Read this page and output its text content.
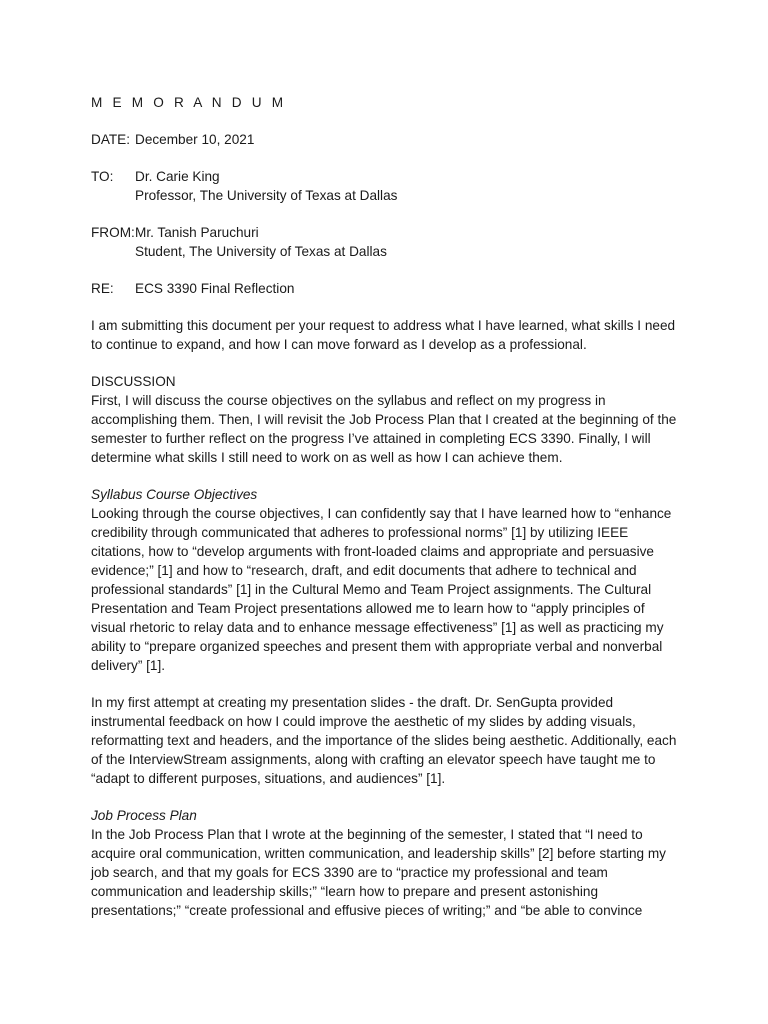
M E M O R A N D U M
DATE: December 10, 2021
TO:	Dr. Carie King
Professor, The University of Texas at Dallas
FROM: Mr. Tanish Paruchuri
Student, The University of Texas at Dallas
RE:	ECS 3390 Final Reflection

I am submitting this document per your request to address what I have learned, what skills I need to continue to expand, and how I can move forward as I develop as a professional.

DISCUSSION

First, I will discuss the course objectives on the syllabus and reflect on my progress in accomplishing them. Then, I will revisit the Job Process Plan that I created at the beginning of the semester to further reflect on the progress I’ve attained in completing ECS 3390. Finally, I will determine what skills I still need to work on as well as how I can achieve them.

Syllabus Course Objectives

Looking through the course objectives, I can confidently say that I have learned how to “enhance credibility through communicated that adheres to professional norms” [1] by utilizing IEEE citations, how to “develop arguments with front-loaded claims and appropriate and persuasive evidence;” [1] and how to “research, draft, and edit documents that adhere to technical and professional standards” [1] in the Cultural Memo and Team Project assignments. The Cultural Presentation and Team Project presentations allowed me to learn how to “apply principles of visual rhetoric to relay data and to enhance message effectiveness” [1] as well as practicing my ability to “prepare organized speeches and present them with appropriate verbal and nonverbal delivery” [1].

In my first attempt at creating my presentation slides - the draft. Dr. SenGupta provided instrumental feedback on how I could improve the aesthetic of my slides by adding visuals, reformatting text and headers, and the importance of the slides being aesthetic. Additionally, each of the InterviewStream assignments, along with crafting an elevator speech have taught me to “adapt to different purposes, situations, and audiences” [1].

Job Process Plan

In the Job Process Plan that I wrote at the beginning of the semester, I stated that “I need to acquire oral communication, written communication, and leadership skills” [2] before starting my job search, and that my goals for ECS 3390 are to “practice my professional and team communication and leadership skills;” “learn how to prepare and present astonishing presentations;” “create professional and effusive pieces of writing;” and “be able to convince
